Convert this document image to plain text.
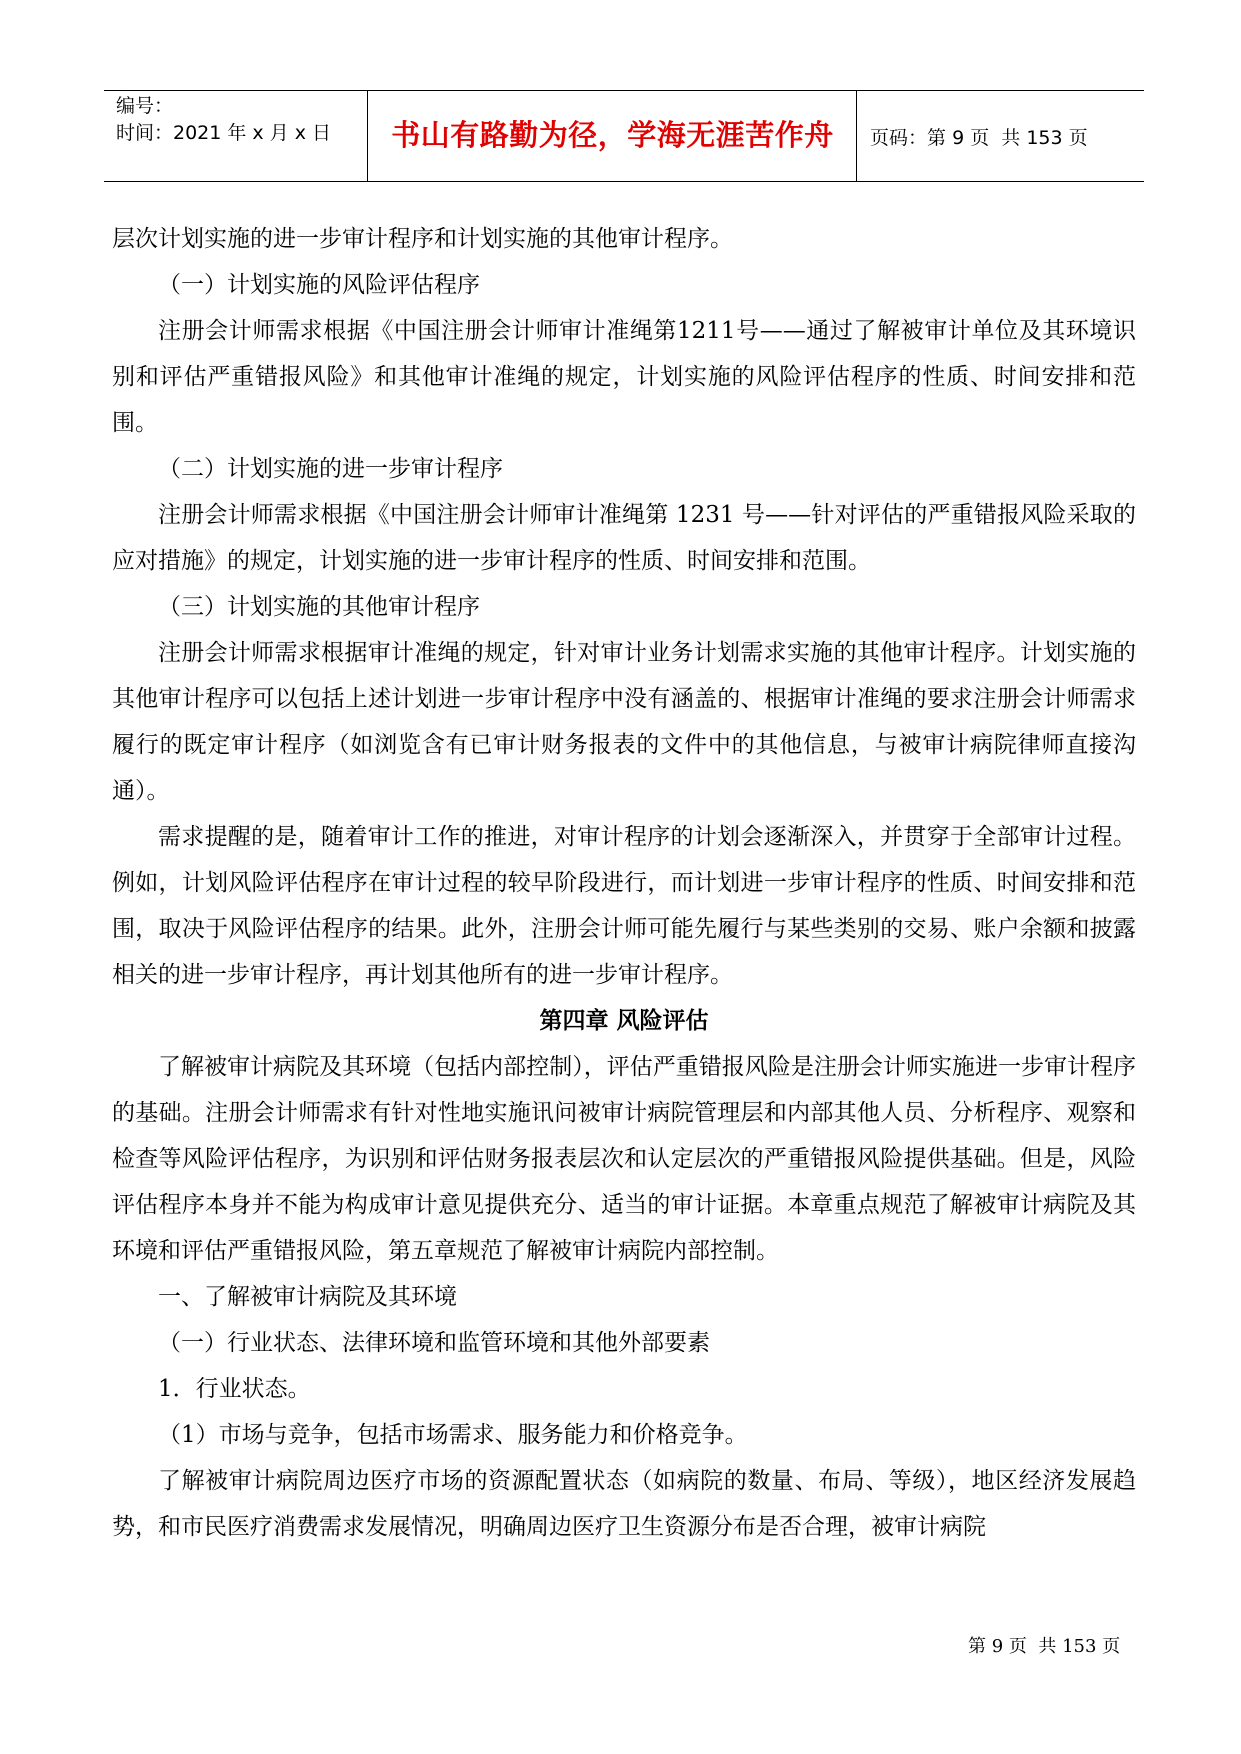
编号：
时间：2021 年 x 月 x 日	书山有路勤为径，学海无涯苦作舟	页码：第 9 页  共 153 页

层次计划实施的进一步审计程序和计划实施的其他审计程序。

（一）计划实施的风险评估程序

注册会计师需求根据《中国注册会计师审计准绳第1211号——通过了解被审计单位及其环境识别和评估严重错报风险》和其他审计准绳的规定，计划实施的风险评估程序的性质、时间安排和范围。

（二）计划实施的进一步审计程序

注册会计师需求根据《中国注册会计师审计准绳第 1231 号——针对评估的严重错报风险采取的应对措施》的规定，计划实施的进一步审计程序的性质、时间安排和范围。

（三）计划实施的其他审计程序

注册会计师需求根据审计准绳的规定，针对审计业务计划需求实施的其他审计程序。计划实施的其他审计程序可以包括上述计划进一步审计程序中没有涵盖的、根据审计准绳的要求注册会计师需求履行的既定审计程序（如浏览含有已审计财务报表的文件中的其他信息，与被审计病院律师直接沟通）。

需求提醒的是，随着审计工作的推进，对审计程序的计划会逐渐深入，并贯穿于全部审计过程。例如，计划风险评估程序在审计过程的较早阶段进行，而计划进一步审计程序的性质、时间安排和范围，取决于风险评估程序的结果。此外，注册会计师可能先履行与某些类别的交易、账户余额和披露相关的进一步审计程序，再计划其他所有的进一步审计程序。

第四章 风险评估

了解被审计病院及其环境（包括内部控制），评估严重错报风险是注册会计师实施进一步审计程序的基础。注册会计师需求有针对性地实施讯问被审计病院管理层和内部其他人员、分析程序、观察和检查等风险评估程序，为识别和评估财务报表层次和认定层次的严重错报风险提供基础。但是，风险评估程序本身并不能为构成审计意见提供充分、适当的审计证据。本章重点规范了解被审计病院及其环境和评估严重错报风险，第五章规范了解被审计病院内部控制。

一、了解被审计病院及其环境

（一）行业状态、法律环境和监管环境和其他外部要素

1．行业状态。

（1）市场与竞争，包括市场需求、服务能力和价格竞争。

了解被审计病院周边医疗市场的资源配置状态（如病院的数量、布局、等级），地区经济发展趋势，和市民医疗消费需求发展情况，明确周边医疗卫生资源分布是否合理，被审计病院

第 9 页  共 153 页
